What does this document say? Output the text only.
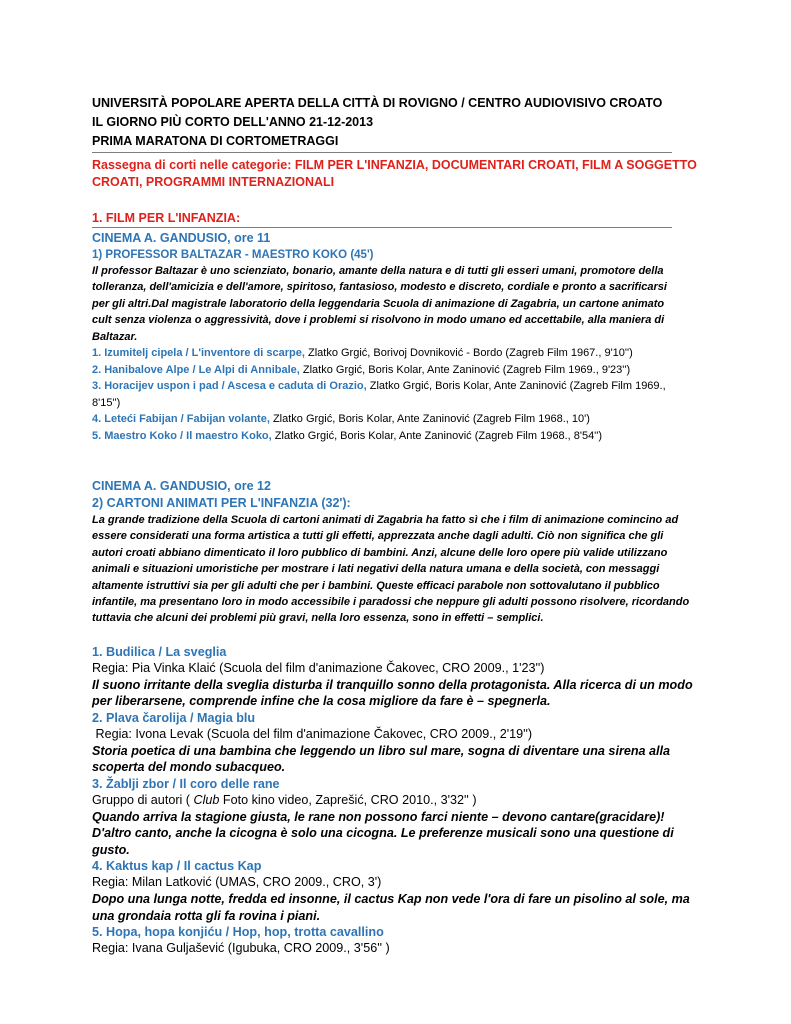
UNIVERSITÀ POPOLARE APERTA DELLA CITTÀ DI ROVIGNO / CENTRO AUDIOVISIVO CROATO
IL GIORNO PIÙ CORTO DELL'ANNO 21-12-2013
PRIMA MARATONA DI CORTOMETRAGGI
Rassegna di corti nelle categorie: FILM PER L'INFANZIA, DOCUMENTARI CROATI, FILM A SOGGETTO
CROATI, PROGRAMMI INTERNAZIONALI
1. FILM PER L'INFANZIA:
CINEMA A. GANDUSIO, ore 11
1) PROFESSOR BALTAZAR - MAESTRO KOKO (45')
Il professor Baltazar è uno scienziato, bonario, amante della natura e di tutti gli esseri umani, promotore della
tolleranza, dell'amicizia e dell'amore, spiritoso, fantasioso, modesto e discreto, cordiale e pronto a sacrificarsi
per gli altri.Dal magistrale laboratorio della leggendaria Scuola di animazione di Zagabria, un cartone animato
cult senza violenza o aggressività, dove i problemi si risolvono in modo umano ed accettabile, alla maniera di
Baltazar.
1. Izumitelj cipela / L'inventore di scarpe, Zlatko Grgić, Borivoj Dovniković - Bordo (Zagreb Film 1967., 9'10'')
2. Hanibalove Alpe / Le Alpi di Annibale, Zlatko Grgić, Boris Kolar, Ante Zaninović (Zagreb Film 1969., 9'23'')
3. Horacijev uspon i pad / Ascesa e caduta di Orazio, Zlatko Grgić, Boris Kolar, Ante Zaninović (Zagreb Film 1969.,
8'15'')
4. Leteći Fabijan / Fabijan volante, Zlatko Grgić, Boris Kolar, Ante Zaninović (Zagreb Film 1968., 10')
5. Maestro Koko / Il maestro Koko, Zlatko Grgić, Boris Kolar, Ante Zaninović (Zagreb Film 1968., 8'54'')
CINEMA A. GANDUSIO, ore 12
2) CARTONI ANIMATI PER L'INFANZIA (32'):
La grande tradizione della Scuola di cartoni animati di Zagabria ha fatto sì che i film di animazione comincino ad
essere considerati una forma artistica a tutti gli effetti, apprezzata anche dagli adulti. Ciò non significa che gli
autori croati abbiano dimenticato il loro pubblico di bambini. Anzi, alcune delle loro opere più valide utilizzano
animali e situazioni umoristiche per mostrare i lati negativi della natura umana e della società, con messaggi
altamente istruttivi sia per gli adulti che per i bambini. Queste efficaci parabole non sottovalutano il pubblico
infantile, ma presentano loro in modo accessibile i paradossi che neppure gli adulti possono risolvere, ricordando
tuttavia che alcuni dei problemi più gravi, nella loro essenza, sono in effetti – semplici.
1. Budilica / La sveglia
Regia: Pia Vinka Klaić (Scuola del film d'animazione Čakovec, CRO 2009., 1'23'')
Il suono irritante della sveglia disturba il tranquillo sonno della protagonista. Alla ricerca di un modo
per liberarsene, comprende infine che la cosa migliore da fare è – spegnerla.
2. Plava čarolija / Magia blu
Regia: Ivona Levak (Scuola del film d'animazione Čakovec, CRO 2009., 2'19'')
Storia poetica di una bambina che leggendo un libro sul mare, sogna di diventare una sirena alla
scoperta del mondo subacqueo.
3. Žablji zbor / Il coro delle rane
Gruppo di autori ( Club Foto kino video, Zaprešić, CRO 2010., 3'32'' )
Quando arriva la stagione giusta, le rane non possono farci niente – devono cantare(gracidare)!
D'altro canto, anche la cicogna è solo una cicogna. Le preferenze musicali sono una questione di
gusto.
4. Kaktus kap / Il cactus Kap
Regia: Milan Latković (UMAS, CRO 2009., CRO, 3')
Dopo una lunga notte, fredda ed insonne, il cactus Kap non vede l'ora di fare un pisolino al sole, ma
una grondaia rotta gli fa rovina i piani.
5. Hopa, hopa konjiću / Hop, hop, trotta cavallino
Regia: Ivana Guljašević (Igubuka, CRO 2009., 3'56'' )
